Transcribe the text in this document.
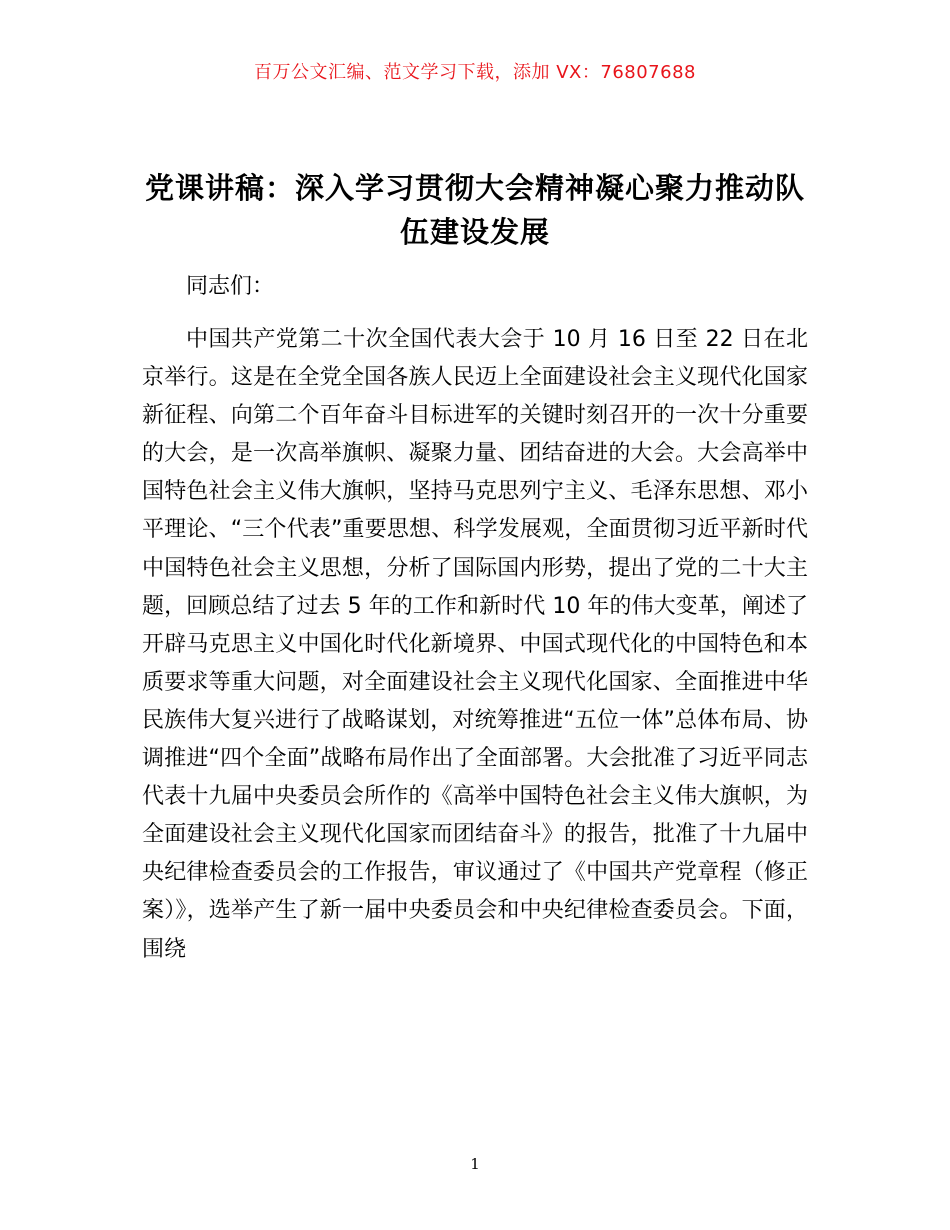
百万公文汇编、范文学习下载，添加 VX：76807688
党课讲稿：深入学习贯彻大会精神凝心聚力推动队伍建设发展

同志们：

中国共产党第二十次全国代表大会于 10 月 16 日至 22 日在北京举行。这是在全党全国各族人民迈上全面建设社会主义现代化国家新征程、向第二个百年奋斗目标进军的关键时刻召开的一次十分重要的大会，是一次高举旗帜、凝聚力量、团结奋进的大会。大会高举中国特色社会主义伟大旗帜，坚持马克思列宁主义、毛泽东思想、邓小平理论、“三个代表”重要思想、科学发展观，全面贯彻习近平新时代中国特色社会主义思想，分析了国际国内形势，提出了党的二十大主题，回顾总结了过去 5 年的工作和新时代 10 年的伟大变革，阐述了开辟马克思主义中国化时代化新境界、中国式现代化的中国特色和本质要求等重大问题，对全面建设社会主义现代化国家、全面推进中华民族伟大复兴进行了战略谋划，对统筹推进“五位一体”总体布局、协调推进“四个全面”战略布局作出了全面部署。大会批准了习近平同志代表十九届中央委员会所作的《高举中国特色社会主义伟大旗帜，为全面建设社会主义现代化国家而团结奋斗》的报告，批准了十九届中央纪律检查委员会的工作报告，审议通过了《中国共产党章程（修正案）》，选举产生了新一届中央委员会和中央纪律检查委员会。下面，围绕

1
